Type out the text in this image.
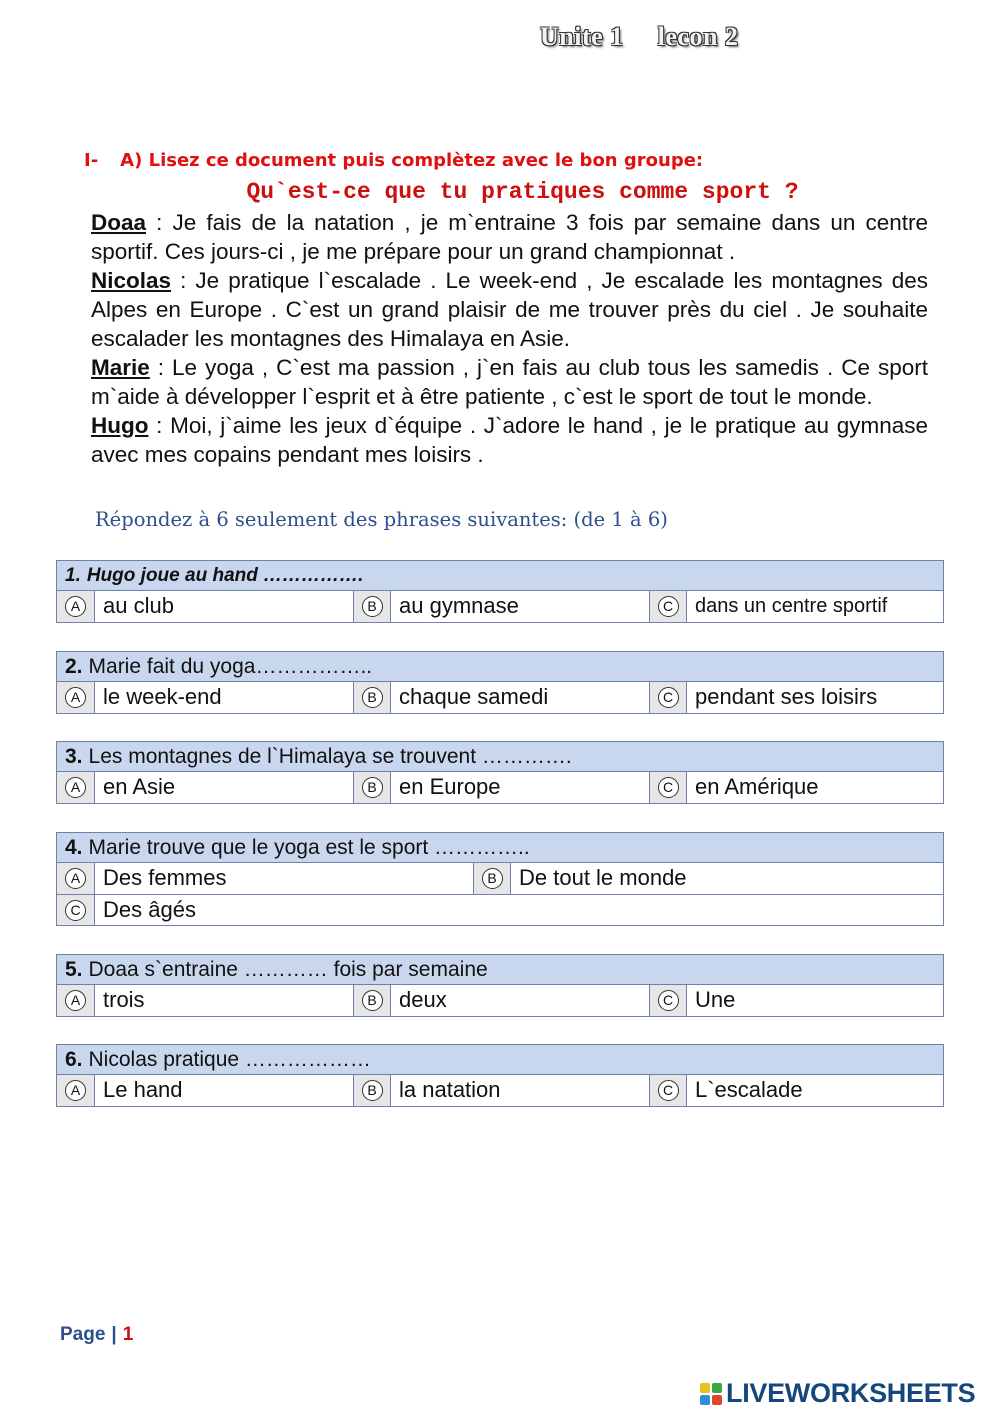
Unite 1 lecon 2
I- A) Lisez ce document puis complètez avec le bon groupe:
Qu`est-ce que tu pratiques comme sport ?

Doaa : Je fais de la natation , je m`entraine 3 fois par semaine dans un centre sportif. Ces jours-ci , je me prépare pour un grand championnat .

Nicolas : Je pratique l`escalade . Le week-end , Je escalade les montagnes des Alpes en Europe . C`est un grand plaisir de me trouver près du ciel . Je souhaite escalader les montagnes des Himalaya en Asie.

Marie : Le yoga , C`est ma passion , j`en fais au club tous les samedis . Ce sport m`aide à développer l`esprit et à être patiente , c`est le sport de tout le monde.

Hugo : Moi, j`aime les jeux d`équipe . J`adore le hand , je le pratique au gymnase avec mes copains pendant mes loisirs .

Répondez à 6 seulement des phrases suivantes: (de 1 à 6)
1. Hugo joue au hand …………….
A	au club	B	au gymnase	C	dans un centre sportif
2. Marie fait du yoga……………..
A	le week-end	B	chaque samedi	C pendant ses loisirs
3. Les montagnes de l`Himalaya se trouvent ………….
A	en Asie	B	en Europe	C en Amérique
4. Marie trouve que le yoga est le sport …………..
A	Des femmes	B	De tout le monde
C	Des âgés
5. Doaa s`entraine ………… fois par semaine
A	trois	B	deux	C Une
6. Nicolas pratique ………………
A	Le hand	B	la natation	C L`escalade
Page | 1
LIVEWORKSHEETS
